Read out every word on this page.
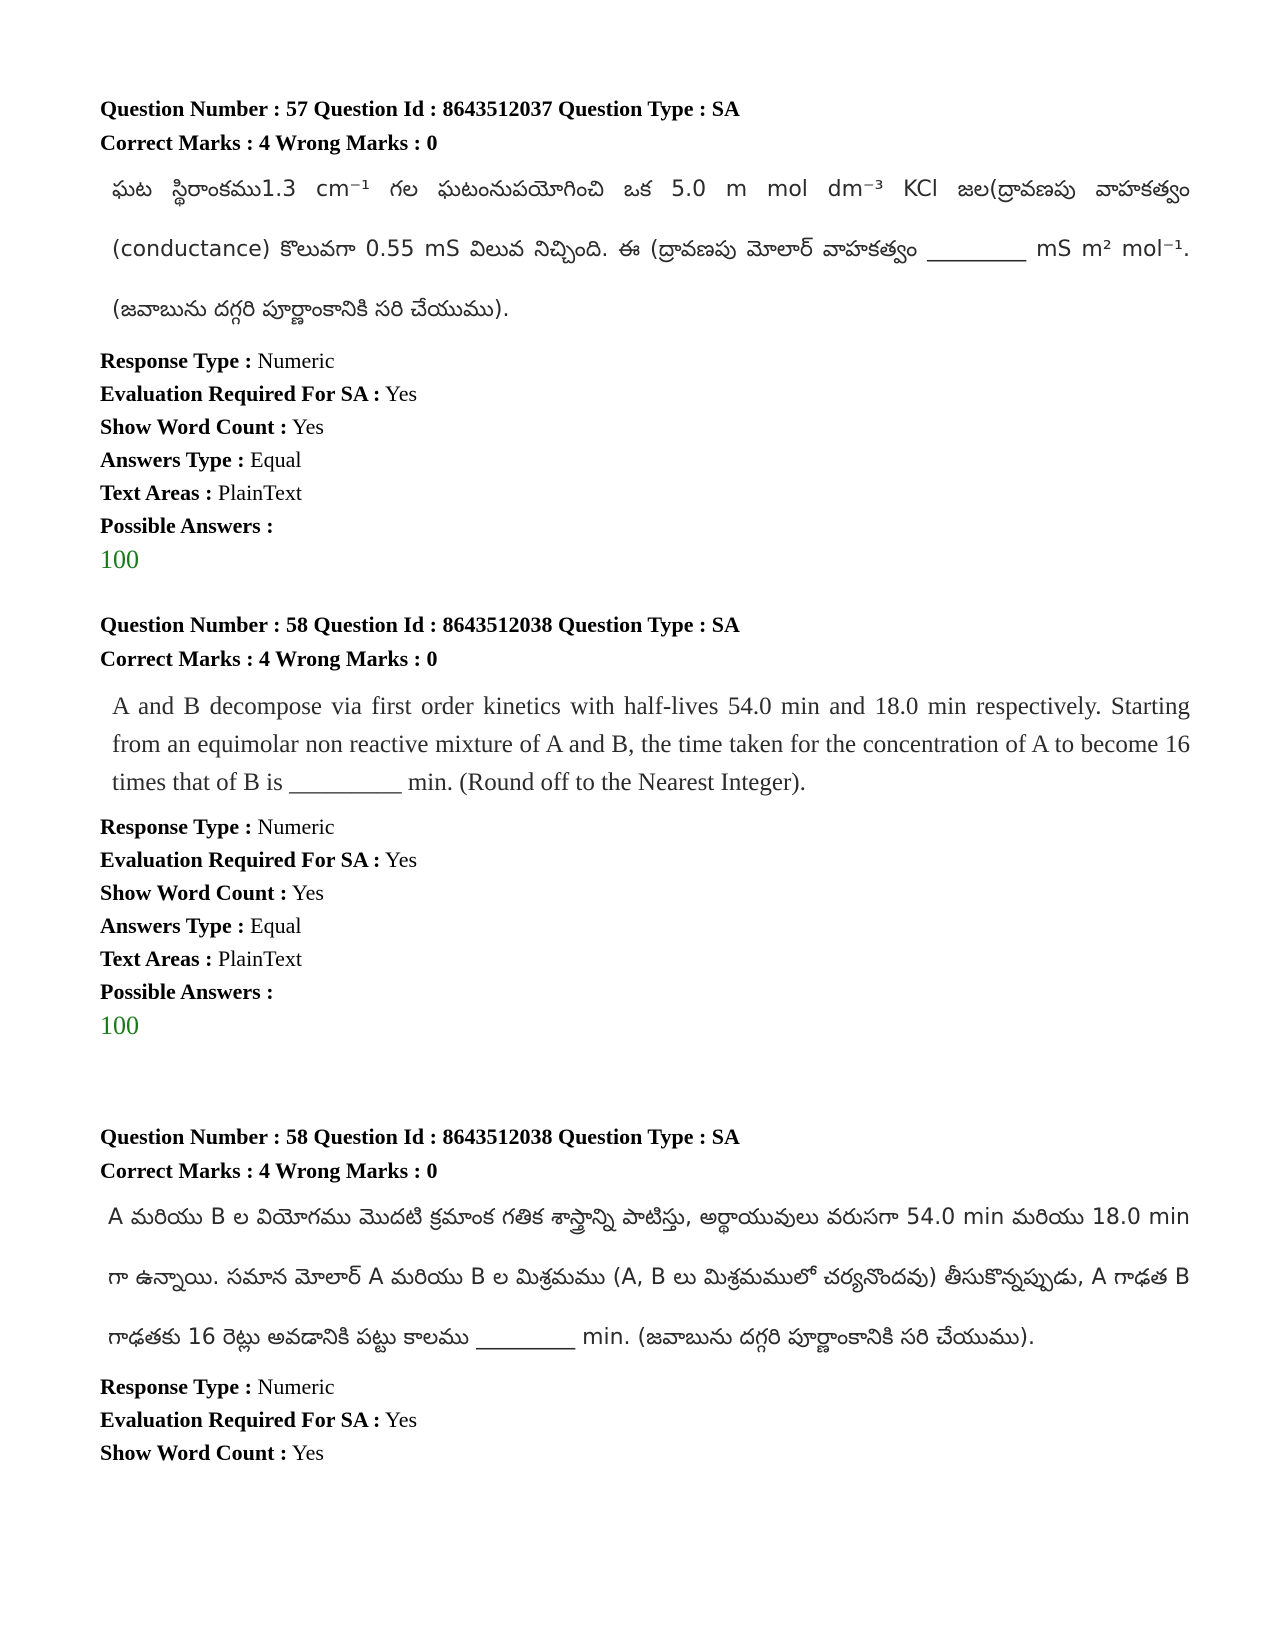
Question Number : 57 Question Id : 8643512037 Question Type : SA
Correct Marks : 4 Wrong Marks : 0
ఘట స్థిరాంకము1.3 cm⁻¹ గల ఘటంనుపయోగించి ఒక 5.0 m mol dm⁻³ KCl జల(ద్రావణపు వాహకత్వం (conductance) కొలువగా 0.55 mS విలువ నిచ్చింది. ఈ (ద్రావణపు మోలార్ వాహకత్వం _________ mS m² mol⁻¹. (జవాబును దగ్గరి పూర్ణాంకానికి సరి చేయుము).
Response Type : Numeric
Evaluation Required For SA : Yes
Show Word Count : Yes
Answers Type : Equal
Text Areas : PlainText
Possible Answers :
100
Question Number : 58 Question Id : 8643512038 Question Type : SA
Correct Marks : 4 Wrong Marks : 0
A and B decompose via first order kinetics with half-lives 54.0 min and 18.0 min respectively. Starting from an equimolar non reactive mixture of A and B, the time taken for the concentration of A to become 16 times that of B is _________ min. (Round off to the Nearest Integer).
Response Type : Numeric
Evaluation Required For SA : Yes
Show Word Count : Yes
Answers Type : Equal
Text Areas : PlainText
Possible Answers :
100
Question Number : 58 Question Id : 8643512038 Question Type : SA
Correct Marks : 4 Wrong Marks : 0
A మరియు B ల వియోగము మొదటి క్రమాంక గతిక శాస్త్రాన్ని పాటిస్తు, అర్థాయువులు వరుసగా 54.0 min మరియు 18.0 min గా ఉన్నాయి. సమాన మోలార్ A మరియు B ల మిశ్రమము (A, B లు మిశ్రమములో చర్యనొందవు) తీసుకొన్నప్పుడు, A గాఢత B గాఢతకు 16 రెట్లు అవడానికి పట్టు కాలము _________ min. (జవాబును దగ్గరి పూర్ణాంకానికి సరి చేయుము).
Response Type : Numeric
Evaluation Required For SA : Yes
Show Word Count : Yes
